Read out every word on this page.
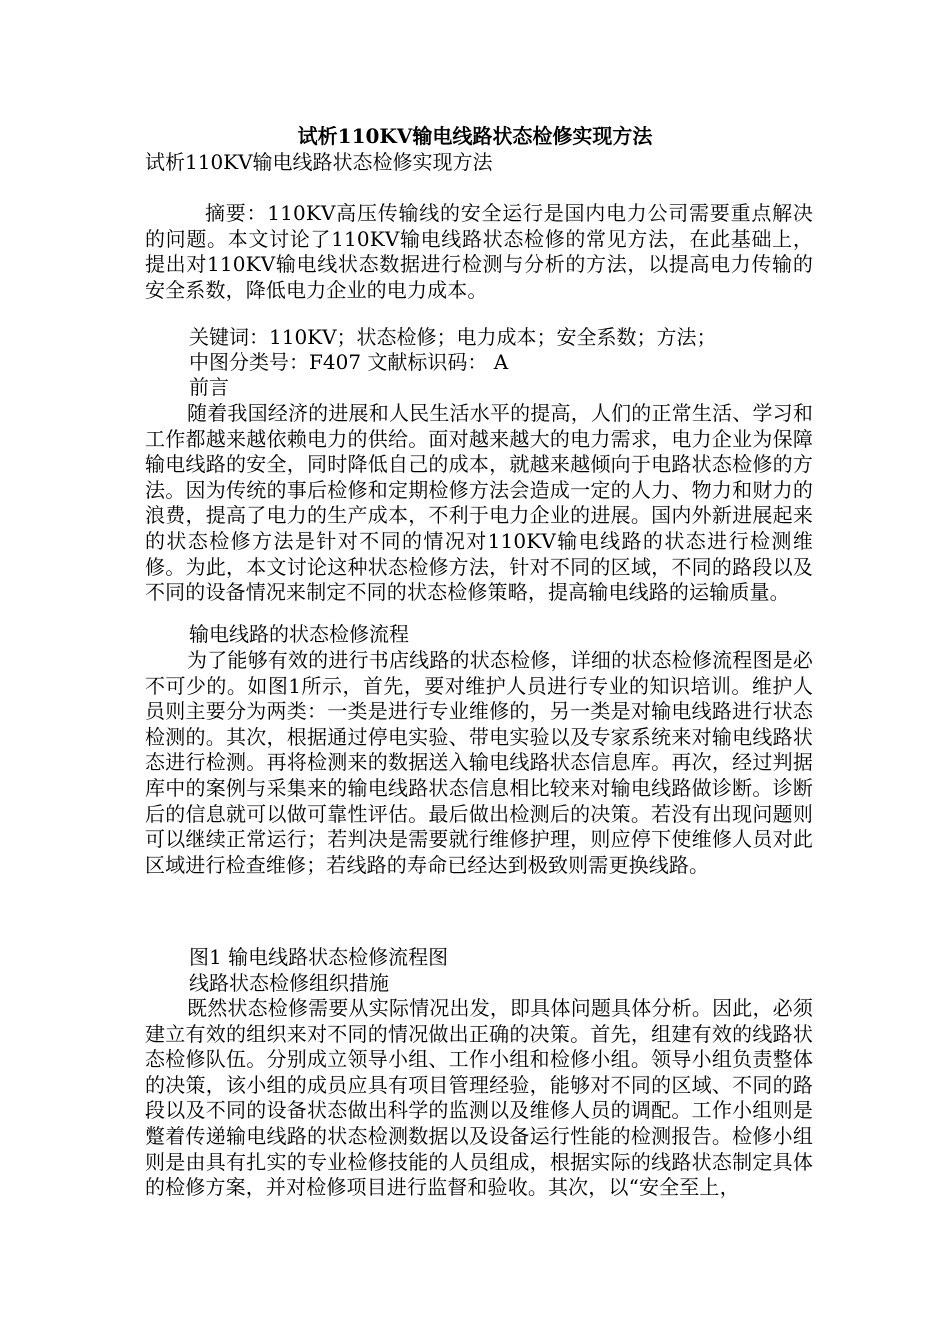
试析110KV输电线路状态检修实现方法
试析110KV输电线路状态检修实现方法
摘要：110KV高压传输线的安全运行是国内电力公司需要重点解决的问题。本文讨论了110KV输电线路状态检修的常见方法，在此基础上，提出对110KV输电线状态数据进行检测与分析的方法，以提高电力传输的安全系数，降低电力企业的电力成本。
关键词：110KV；状态检修；电力成本；安全系数；方法；
中图分类号：F407 文献标识码： A
前言
随着我国经济的进展和人民生活水平的提高，人们的正常生活、学习和工作都越来越依赖电力的供给。面对越来越大的电力需求，电力企业为保障输电线路的安全，同时降低自己的成本，就越来越倾向于电路状态检修的方法。因为传统的事后检修和定期检修方法会造成一定的人力、物力和财力的浪费，提高了电力的生产成本，不利于电力企业的进展。国内外新进展起来的状态检修方法是针对不同的情况对110KV输电线路的状态进行检测维修。为此，本文讨论这种状态检修方法，针对不同的区域，不同的路段以及不同的设备情况来制定不同的状态检修策略，提高输电线路的运输质量。
输电线路的状态检修流程
为了能够有效的进行书店线路的状态检修，详细的状态检修流程图是必不可少的。如图1所示，首先，要对维护人员进行专业的知识培训。维护人员则主要分为两类：一类是进行专业维修的，另一类是对输电线路进行状态检测的。其次，根据通过停电实验、带电实验以及专家系统来对输电线路状态进行检测。再将检测来的数据送入输电线路状态信息库。再次，经过判据库中的案例与采集来的输电线路状态信息相比较来对输电线路做诊断。诊断后的信息就可以做可靠性评估。最后做出检测后的决策。若没有出现问题则可以继续正常运行；若判决是需要就行维修护理，则应停下使维修人员对此区域进行检查维修；若线路的寿命已经达到极致则需更换线路。
图1 输电线路状态检修流程图
线路状态检修组织措施
既然状态检修需要从实际情况出发，即具体问题具体分析。因此，必须建立有效的组织来对不同的情况做出正确的决策。首先，组建有效的线路状态检修队伍。分别成立领导小组、工作小组和检修小组。领导小组负责整体的决策，该小组的成员应具有项目管理经验，能够对不同的区域、不同的路段以及不同的设备状态做出科学的监测以及维修人员的调配。工作小组则是蹩着传递输电线路的状态检测数据以及设备运行性能的检测报告。检修小组则是由具有扎实的专业检修技能的人员组成，根据实际的线路状态制定具体的检修方案，并对检修项目进行监督和验收。其次，以“安全至上，
